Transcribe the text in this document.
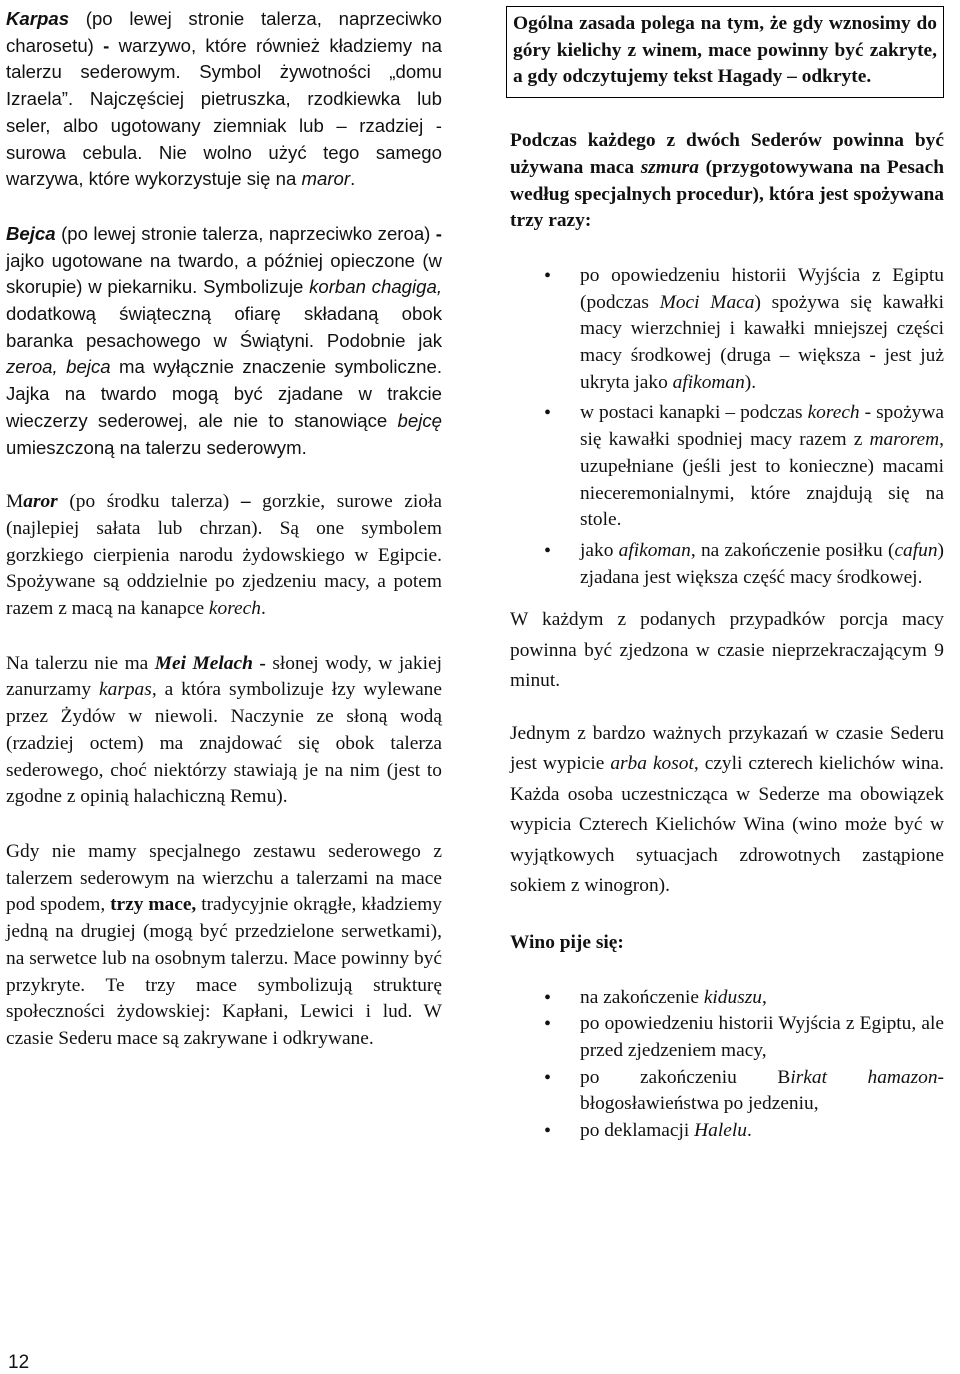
Karpas (po lewej stronie talerza, naprzeciwko charosetu) - warzywo, które również kładziemy na talerzu sederowym. Symbol żywotności „domu Izraela”. Najczęściej pietruszka, rzodkiewka lub seler, albo ugotowany ziemniak lub – rzadziej - surowa cebula. Nie wolno użyć tego samego warzywa, które wykorzystuje się na maror.

Bejca (po lewej stronie talerza, naprzeciwko zeroa) - jajko ugotowane na twardo, a później opieczone (w skorupie) w piekarniku. Symbolizuje korban chagiga, dodatkową świąteczną ofiarę składaną obok baranka pesachowego w Świątyni. Podobnie jak zeroa, bejca ma wyłącznie znaczenie symboliczne. Jajka na twardo mogą być zjadane w trakcie wieczerzy sederowej, ale nie to stanowiące bejcę umieszczoną na talerzu sederowym.

Maror (po środku talerza) – gorzkie, surowe zioła (najlepiej sałata lub chrzan). Są one symbolem gorzkiego cierpienia narodu żydowskiego w Egipcie. Spożywane są oddzielnie po zjedzeniu macy, a potem razem z macą na kanapce korech.

Na talerzu nie ma Mei Melach - słonej wody, w jakiej zanurzamy karpas, a która symbolizuje łzy wylewane przez Żydów w niewoli. Naczynie ze słoną wodą (rzadziej octem) ma znajdować się obok talerza sederowego, choć niektórzy stawiają je na nim (jest to zgodne z opinią halachiczną Remu).

Gdy nie mamy specjalnego zestawu sederowego z talerzem sederowym na wierzchu a talerzami na mace pod spodem, trzy mace, tradycyjnie okrągłe, kładziemy jedną na drugiej (mogą być przedzielone serwetkami), na serwetce lub na osobnym talerzu. Mace powinny być przykryte. Te trzy mace symbolizują strukturę społeczności żydowskiej: Kapłani, Lewici i lud. W czasie Sederu mace są zakrywane i odkrywane.

Ogólna zasada polega na tym, że gdy wznosimy do góry kielichy z winem, mace powinny być zakryte, a gdy odczytujemy tekst Hagady – odkryte.

Podczas każdego z dwóch Sederów powinna być używana maca szmura (przygotowywana na Pesach według specjalnych procedur), która jest spożywana trzy razy:

• po opowiedzeniu historii Wyjścia z Egiptu (podczas Moci Maca) spożywa się kawałki macy wierzchniej i kawałki mniejszej części macy środkowej (druga – większa - jest już ukryta jako afikoman).
• w postaci kanapki – podczas korech - spożywa się kawałki spodniej macy razem z marorem, uzupełniane (jeśli jest to konieczne) macami nieceremonialnymi, które znajdują się na stole.
• jako afikoman, na zakończenie posiłku (cafun) zjadana jest większa część macy środkowej.

W każdym z podanych przypadków porcja macy powinna być zjedzona w czasie nieprzekraczającym 9 minut.

Jednym z bardzo ważnych przykazań w czasie Sederu jest wypicie arba kosot, czyli czterech kielichów wina. Każda osoba uczestnicząca w Sederze ma obowiązek wypicia Czterech Kielichów Wina (wino może być w wyjątkowych sytuacjach zdrowotnych zastąpione sokiem z winogron).

Wino pije się:

• na zakończenie kiduszu,
• po opowiedzeniu historii Wyjścia z Egiptu, ale przed zjedzeniem macy,
• po zakończeniu Birkat hamazon-błogosławieństwa po jedzeniu,
• po deklamacji Halelu.
12
